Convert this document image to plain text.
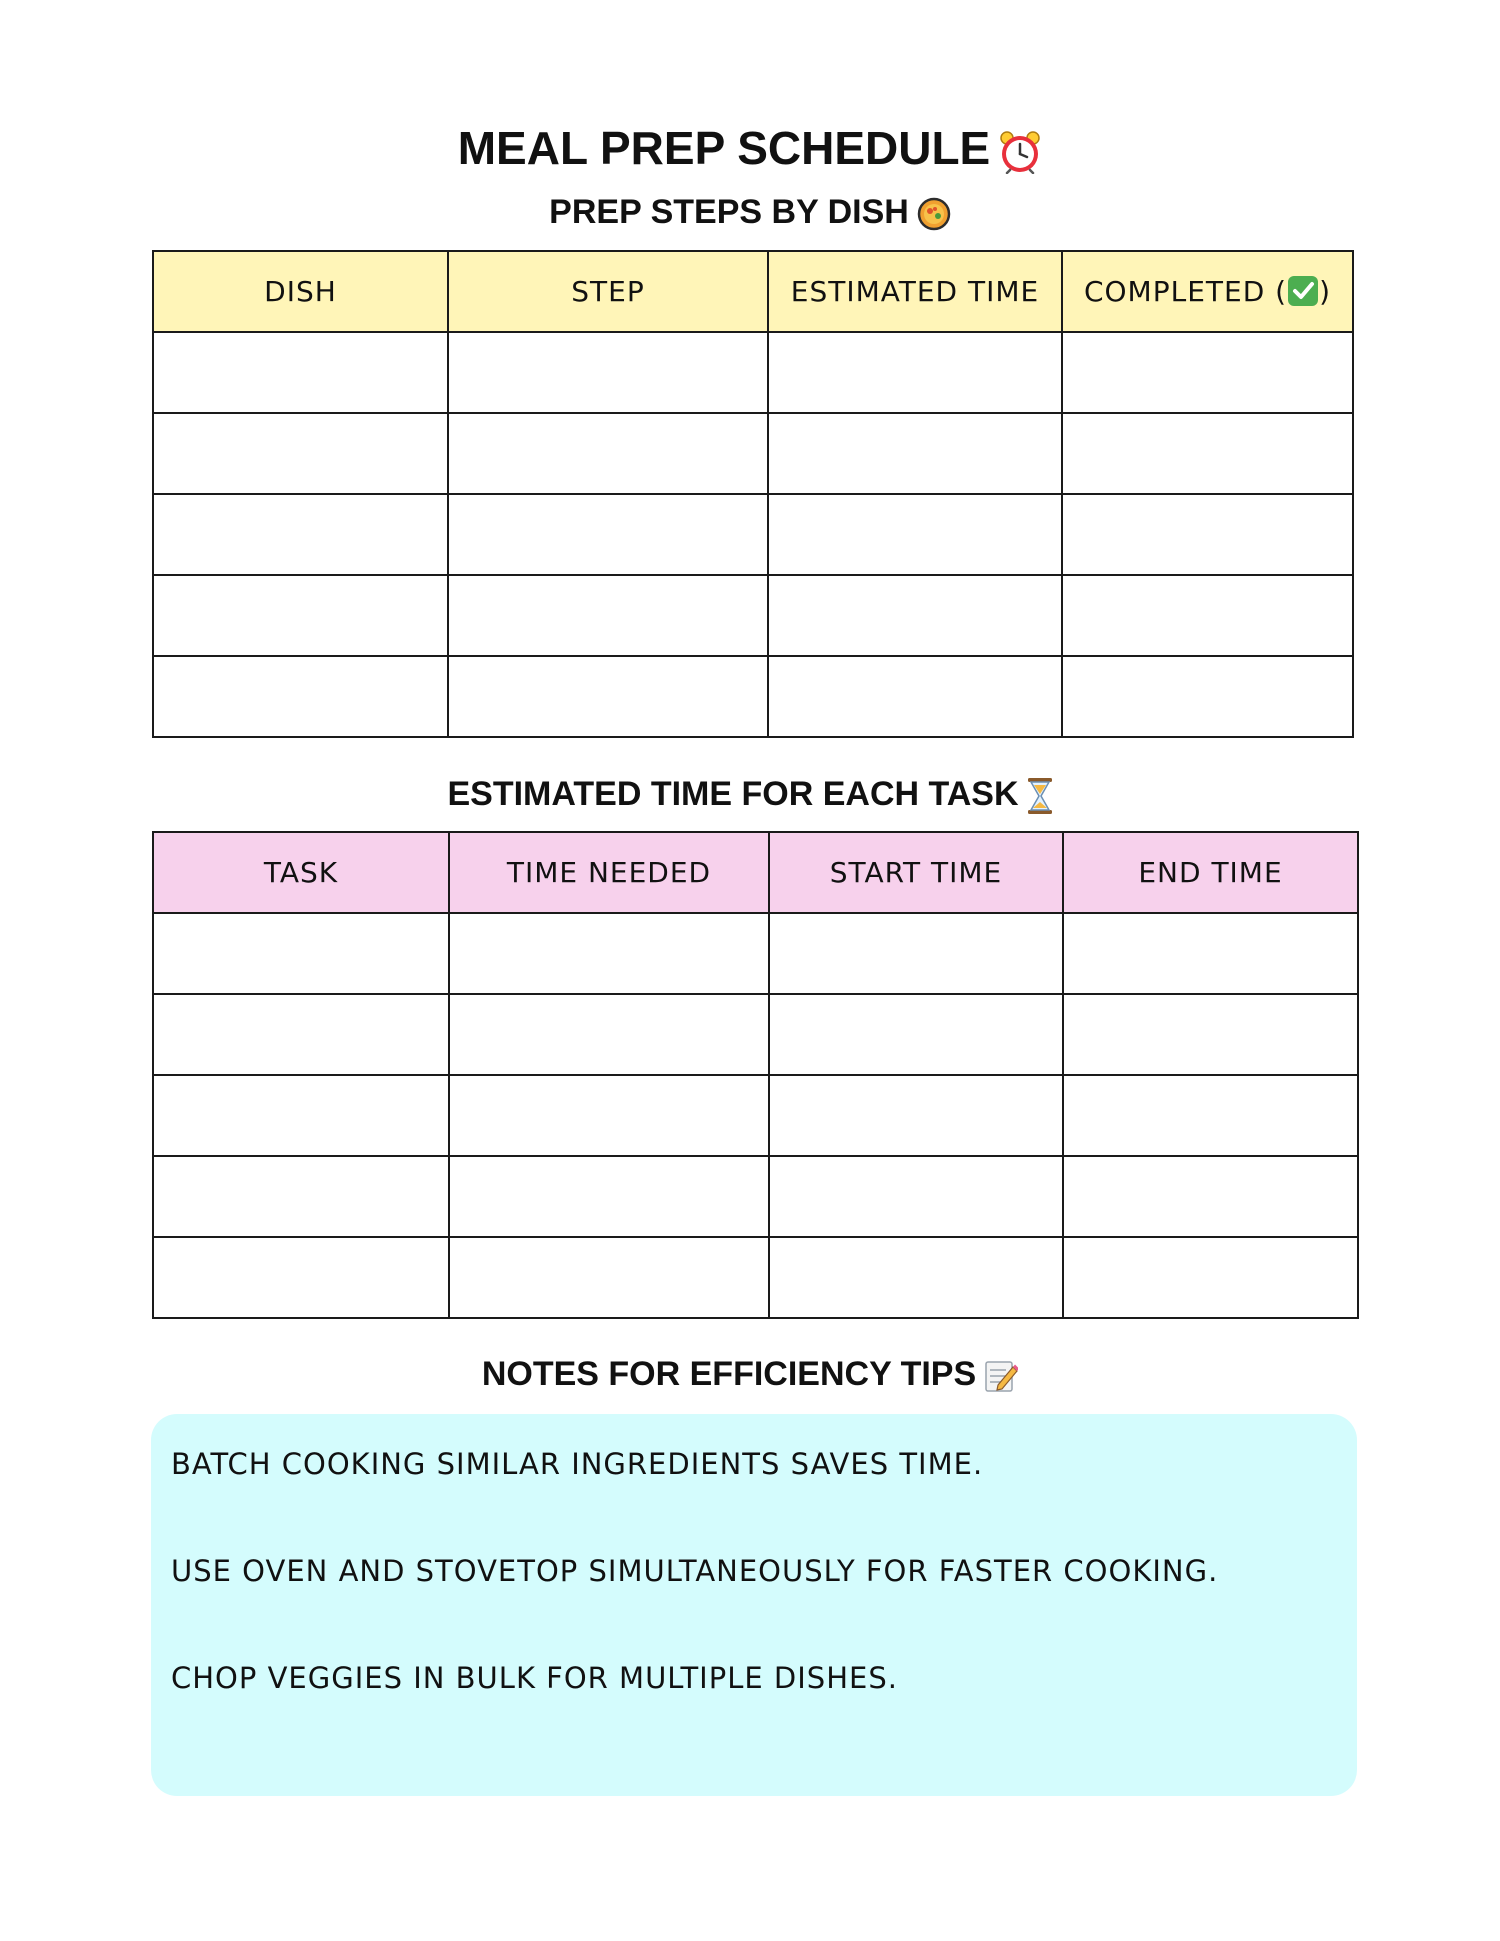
MEAL PREP SCHEDULE
PREP STEPS BY DISH
DISH	STEP	ESTIMATED TIME	COMPLETED ( )

ESTIMATED TIME FOR EACH TASK
TASK	TIME NEEDED	START TIME	END TIME

NOTES FOR EFFICIENCY TIPS
BATCH COOKING SIMILAR INGREDIENTS SAVES TIME.
USE OVEN AND STOVETOP SIMULTANEOUSLY FOR FASTER COOKING.
CHOP VEGGIES IN BULK FOR MULTIPLE DISHES.
